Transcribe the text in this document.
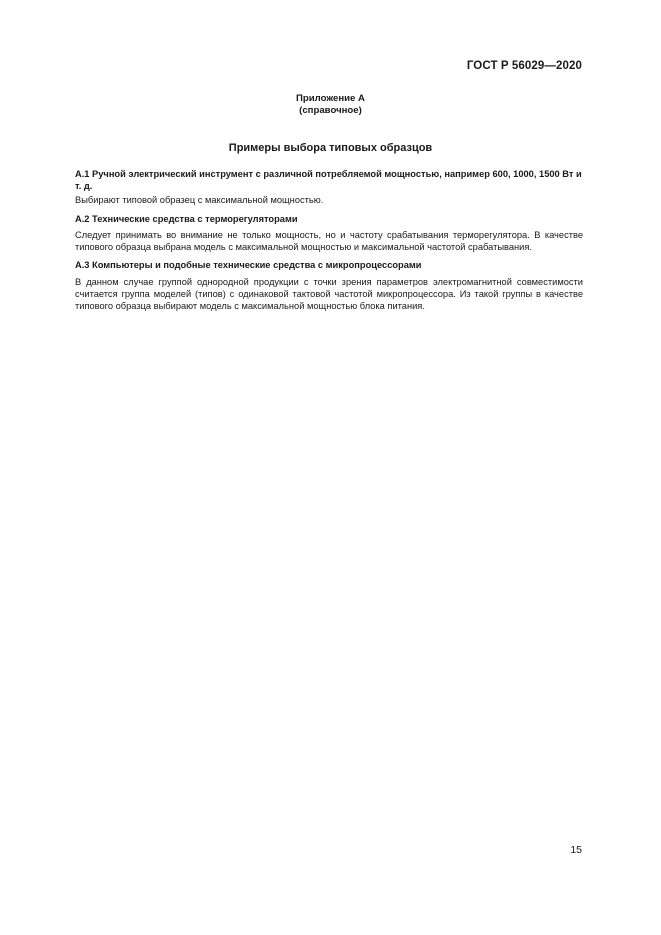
ГОСТ Р 56029—2020
Приложение А
(справочное)
Примеры выбора типовых образцов
А.1 Ручной электрический инструмент с различной потребляемой мощностью, например 600, 1000, 1500 Вт и т. д.
Выбирают типовой образец с максимальной мощностью.
А.2 Технические средства с терморегуляторами
Следует принимать во внимание не только мощность, но и частоту срабатывания терморегулятора. В качестве типового образца выбрана модель с максимальной мощностью и максимальной частотой срабатывания.
А.3 Компьютеры и подобные технические средства с микропроцессорами
В данном случае группой однородной продукции с точки зрения параметров электромагнитной совместимости считается группа моделей (типов) с одинаковой тактовой частотой микропроцессора. Из такой группы в качестве типового образца выбирают модель с максимальной мощностью блока питания.
15
